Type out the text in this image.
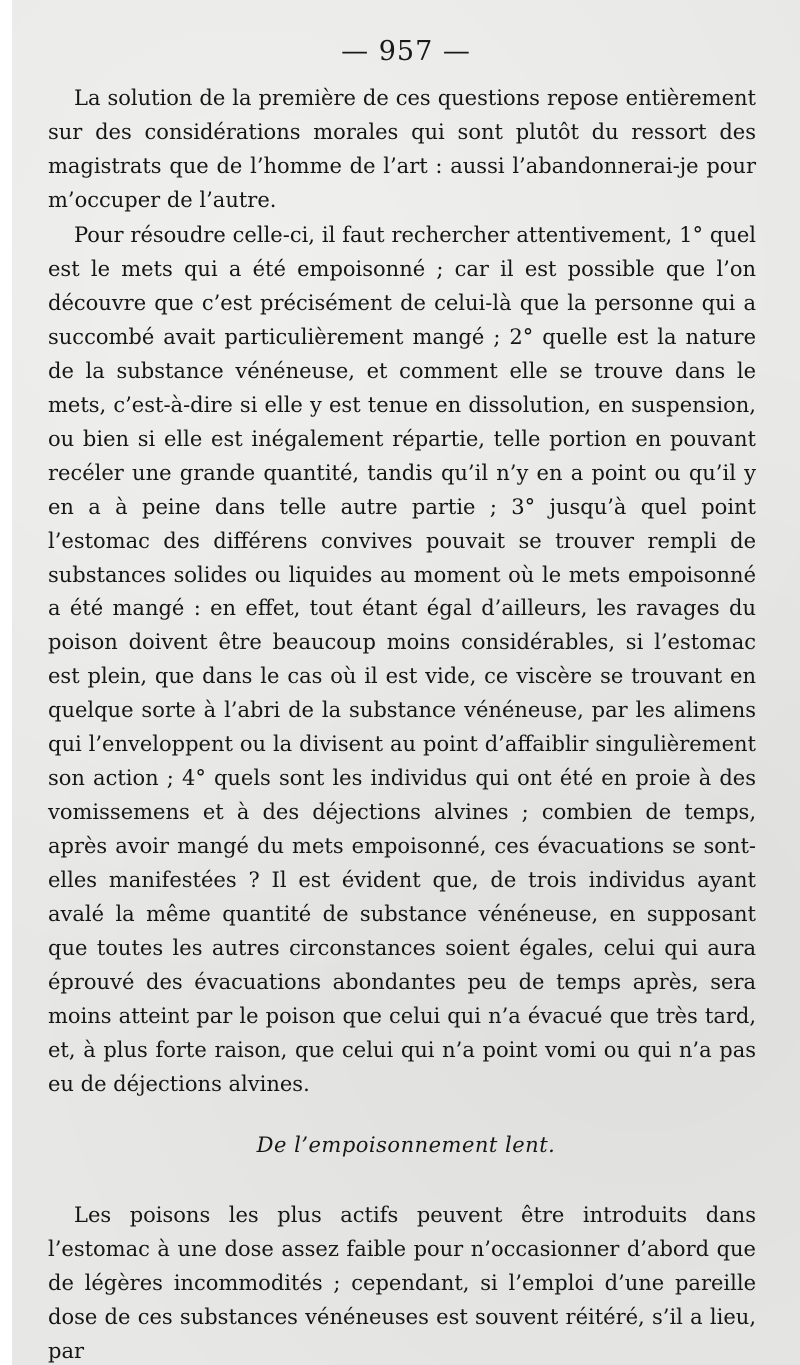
— 957 —

La solution de la première de ces questions repose entièrement sur des considérations morales qui sont plutôt du ressort des magistrats que de l’homme de l’art : aussi l’abandonnerai-je pour m’occuper de l’autre.

Pour résoudre celle-ci, il faut rechercher attentivement, 1° quel est le mets qui a été empoisonné ; car il est possible que l’on découvre que c’est précisément de celui-là que la personne qui a succombé avait particulièrement mangé ; 2° quelle est la nature de la substance vénéneuse, et comment elle se trouve dans le mets, c’est-à-dire si elle y est tenue en dissolution, en suspension, ou bien si elle est inégalement répartie, telle portion en pouvant recéler une grande quantité, tandis qu’il n’y en a point ou qu’il y en a à peine dans telle autre partie ; 3° jusqu’à quel point l’estomac des différens convives pouvait se trouver rempli de substances solides ou liquides au moment où le mets empoisonné a été mangé : en effet, tout étant égal d’ailleurs, les ravages du poison doivent être beaucoup moins considérables, si l’estomac est plein, que dans le cas où il est vide, ce viscère se trouvant en quelque sorte à l’abri de la substance vénéneuse, par les alimens qui l’enveloppent ou la divisent au point d’affaiblir singulièrement son action ; 4° quels sont les individus qui ont été en proie à des vomissemens et à des déjections alvines ; combien de temps, après avoir mangé du mets empoisonné, ces évacuations se sont-elles manifestées ? Il est évident que, de trois individus ayant avalé la même quantité de substance vénéneuse, en supposant que toutes les autres circonstances soient égales, celui qui aura éprouvé des évacuations abondantes peu de temps après, sera moins atteint par le poison que celui qui n’a évacué que très tard, et, à plus forte raison, que celui qui n’a point vomi ou qui n’a pas eu de déjections alvines.

De l’empoisonnement lent.

Les poisons les plus actifs peuvent être introduits dans l’estomac à une dose assez faible pour n’occasionner d’abord que de légères incommodités ; cependant, si l’emploi d’une pareille dose de ces substances vénéneuses est souvent réitéré, s’il a lieu, par
